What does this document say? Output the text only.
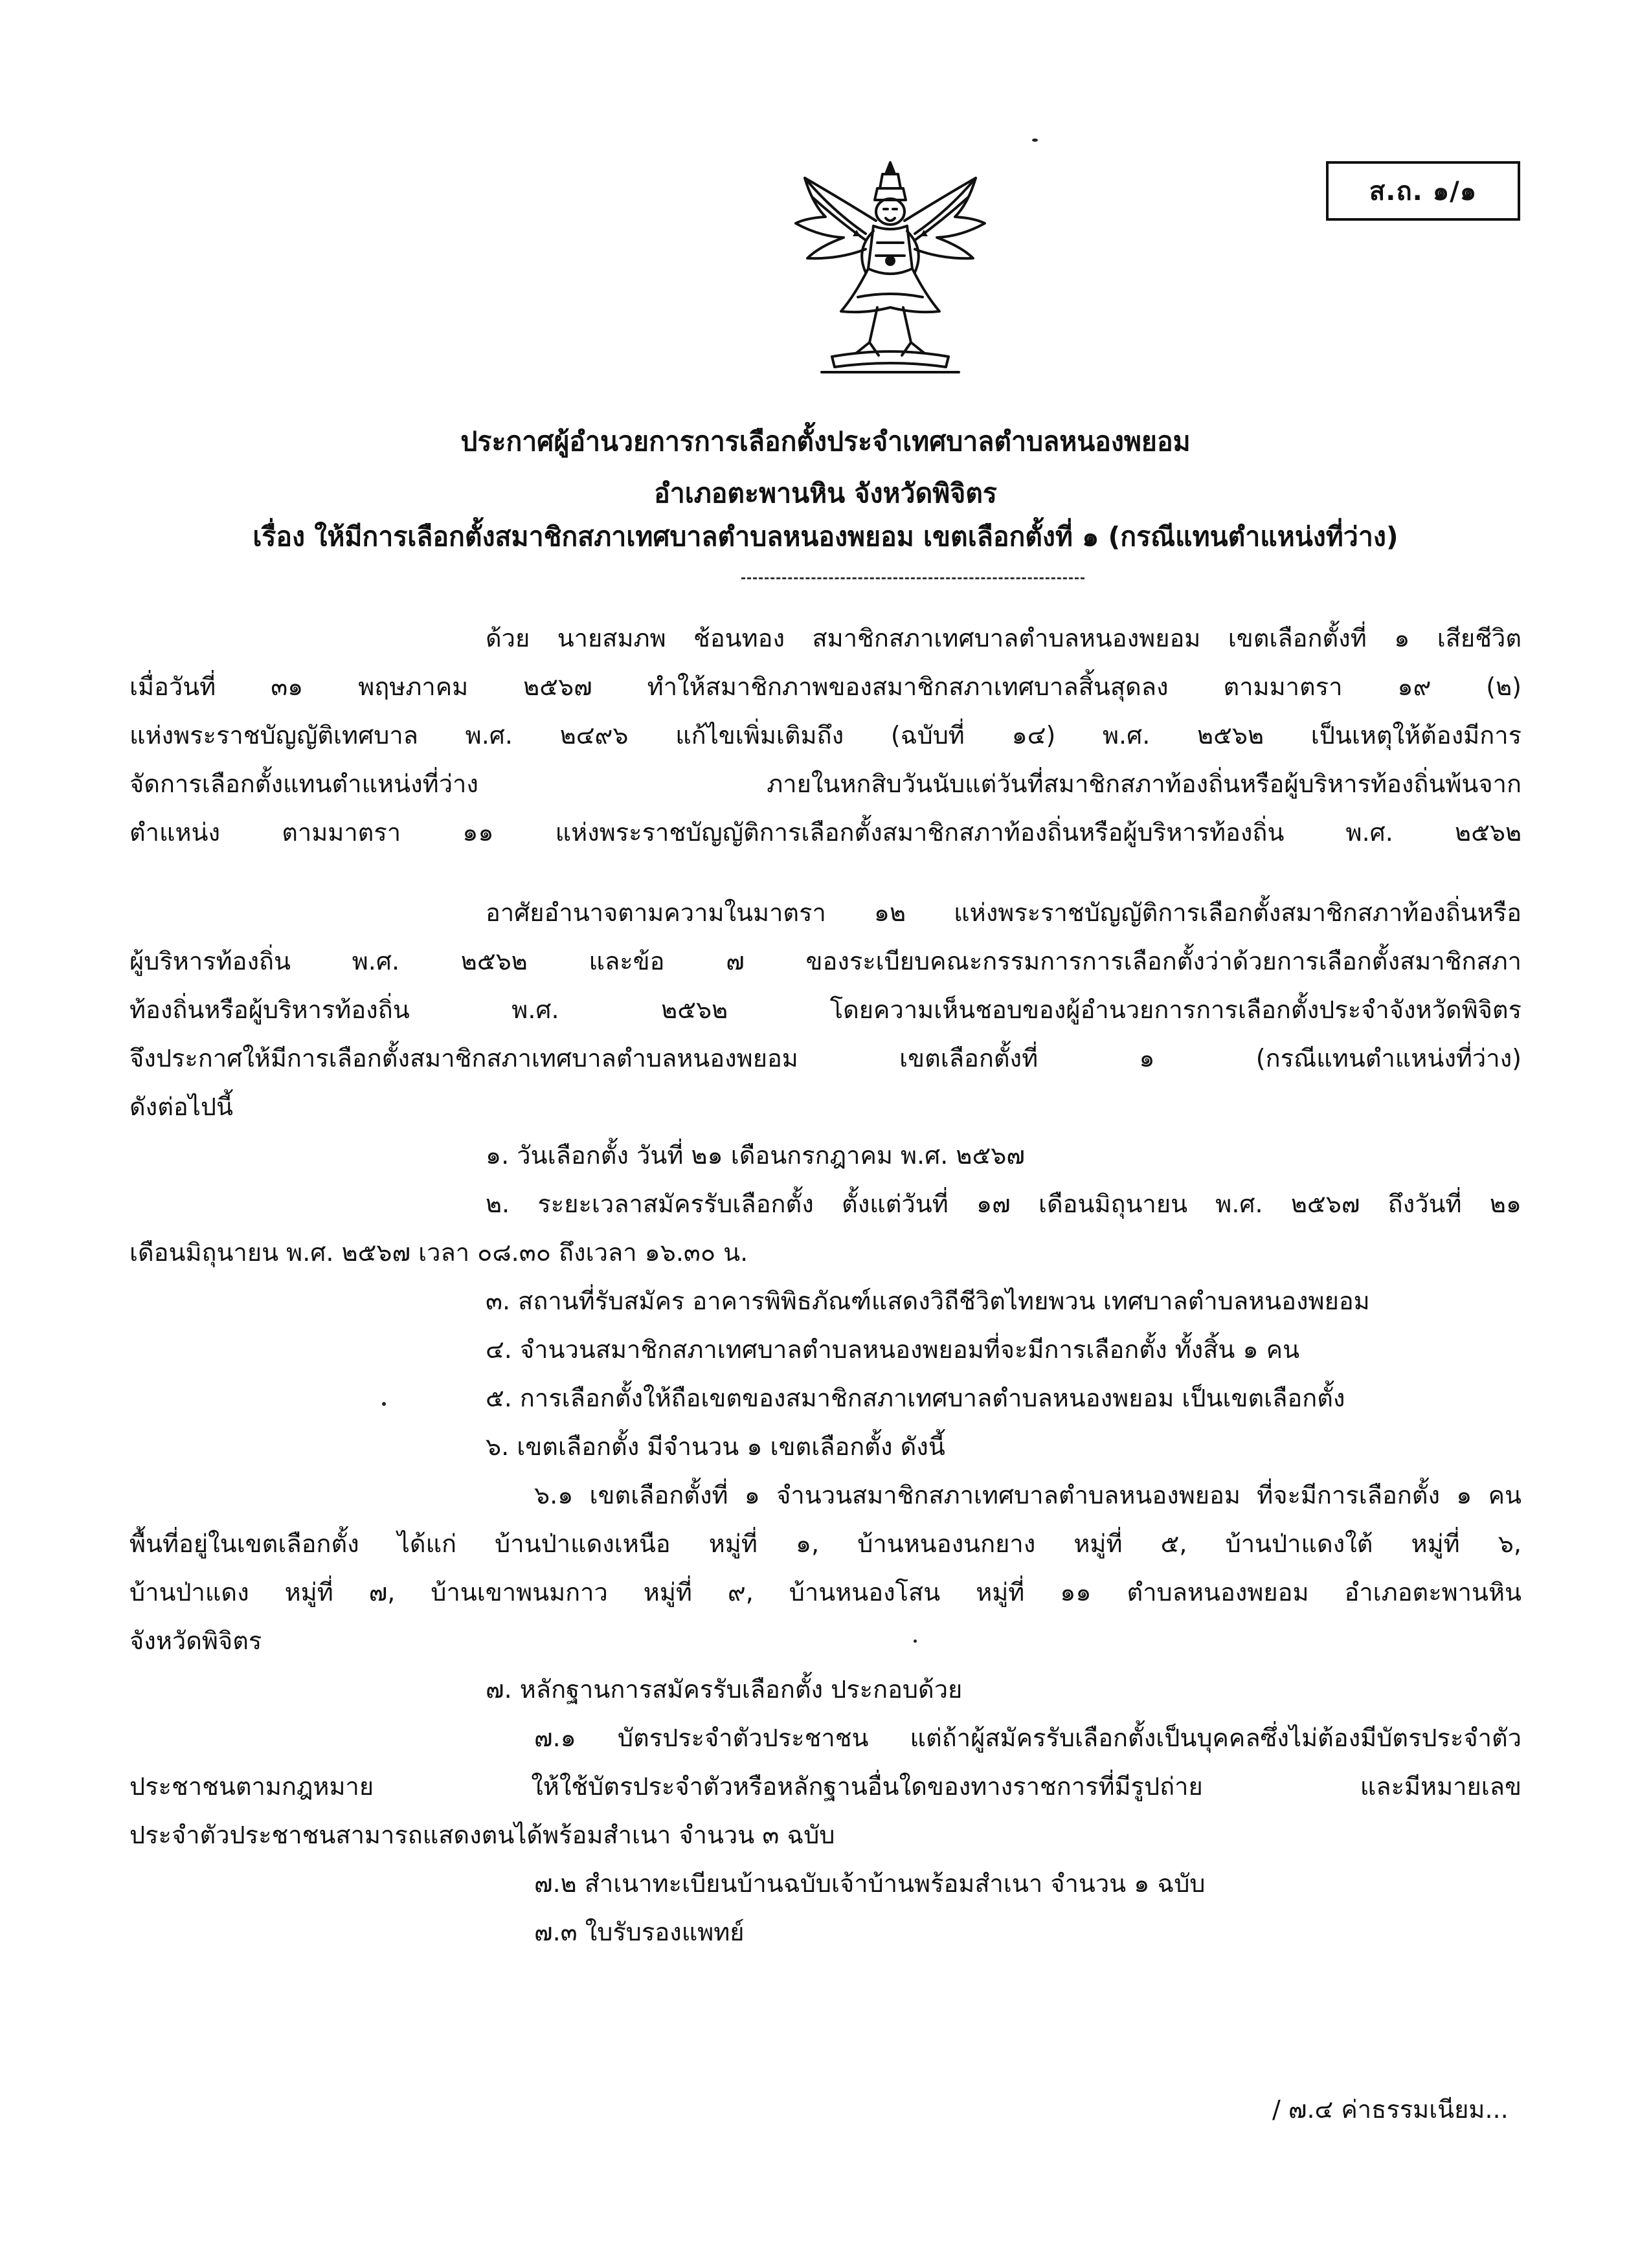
ส.ถ. ๑/๑
ประกาศผู้อำนวยการการเลือกตั้งประจำเทศบาลตำบลหนองพยอม
อำเภอตะพานหิน จังหวัดพิจิตร
เรื่อง ให้มีการเลือกตั้งสมาชิกสภาเทศบาลตำบลหนองพยอม เขตเลือกตั้งที่ ๑ (กรณีแทนตำแหน่งที่ว่าง)
ด้วย นายสมภพ ช้อนทอง สมาชิกสภาเทศบาลตำบลหนองพยอม เขตเลือกตั้งที่ ๑ เสียชีวิต
เมื่อวันที่ ๓๑ พฤษภาคม ๒๕๖๗ ทำให้สมาชิกภาพของสมาชิกสภาเทศบาลสิ้นสุดลง ตามมาตรา ๑๙ (๒)
แห่งพระราชบัญญัติเทศบาล พ.ศ. ๒๔๙๖ แก้ไขเพิ่มเติมถึง (ฉบับที่ ๑๔) พ.ศ. ๒๕๖๒ เป็นเหตุให้ต้องมีการ
จัดการเลือกตั้งแทนตำแหน่งที่ว่าง ภายในหกสิบวันนับแต่วันที่สมาชิกสภาท้องถิ่นหรือผู้บริหารท้องถิ่นพ้นจาก
ตำแหน่ง ตามมาตรา ๑๑ แห่งพระราชบัญญัติการเลือกตั้งสมาชิกสภาท้องถิ่นหรือผู้บริหารท้องถิ่น พ.ศ. ๒๕๖๒
อาศัยอำนาจตามความในมาตรา ๑๒ แห่งพระราชบัญญัติการเลือกตั้งสมาชิกสภาท้องถิ่นหรือ
ผู้บริหารท้องถิ่น พ.ศ. ๒๕๖๒ และข้อ ๗ ของระเบียบคณะกรรมการการเลือกตั้งว่าด้วยการเลือกตั้งสมาชิกสภา
ท้องถิ่นหรือผู้บริหารท้องถิ่น พ.ศ. ๒๕๖๒ โดยความเห็นชอบของผู้อำนวยการการเลือกตั้งประจำจังหวัดพิจิตร
จึงประกาศให้มีการเลือกตั้งสมาชิกสภาเทศบาลตำบลหนองพยอม เขตเลือกตั้งที่ ๑ (กรณีแทนตำแหน่งที่ว่าง)
ดังต่อไปนี้
๑. วันเลือกตั้ง วันที่ ๒๑ เดือนกรกฎาคม พ.ศ. ๒๕๖๗
๒. ระยะเวลาสมัครรับเลือกตั้ง ตั้งแต่วันที่ ๑๗ เดือนมิถุนายน พ.ศ. ๒๕๖๗ ถึงวันที่ ๒๑
เดือนมิถุนายน พ.ศ. ๒๕๖๗ เวลา ๐๘.๓๐ ถึงเวลา ๑๖.๓๐ น.
๓. สถานที่รับสมัคร อาคารพิพิธภัณฑ์แสดงวิถีชีวิตไทยพวน เทศบาลตำบลหนองพยอม
๔. จำนวนสมาชิกสภาเทศบาลตำบลหนองพยอมที่จะมีการเลือกตั้ง ทั้งสิ้น ๑ คน
๕. การเลือกตั้งให้ถือเขตของสมาชิกสภาเทศบาลตำบลหนองพยอม เป็นเขตเลือกตั้ง
๖. เขตเลือกตั้ง มีจำนวน ๑ เขตเลือกตั้ง ดังนี้
๖.๑ เขตเลือกตั้งที่ ๑ จำนวนสมาชิกสภาเทศบาลตำบลหนองพยอม ที่จะมีการเลือกตั้ง ๑ คน
พื้นที่อยู่ในเขตเลือกตั้ง ได้แก่ บ้านป่าแดงเหนือ หมู่ที่ ๑, บ้านหนองนกยาง หมู่ที่ ๕, บ้านป่าแดงใต้ หมู่ที่ ๖,
บ้านป่าแดง หมู่ที่ ๗, บ้านเขาพนมกาว หมู่ที่ ๙, บ้านหนองโสน หมู่ที่ ๑๑ ตำบลหนองพยอม อำเภอตะพานหิน
จังหวัดพิจิตร
๗. หลักฐานการสมัครรับเลือกตั้ง ประกอบด้วย
๗.๑ บัตรประจำตัวประชาชน แต่ถ้าผู้สมัครรับเลือกตั้งเป็นบุคคลซึ่งไม่ต้องมีบัตรประจำตัว
ประชาชนตามกฎหมาย ให้ใช้บัตรประจำตัวหรือหลักฐานอื่นใดของทางราชการที่มีรูปถ่าย และมีหมายเลข
ประจำตัวประชาชนสามารถแสดงตนได้พร้อมสำเนา จำนวน ๓ ฉบับ
๗.๒ สำเนาทะเบียนบ้านฉบับเจ้าบ้านพร้อมสำเนา จำนวน ๑ ฉบับ
๗.๓ ใบรับรองแพทย์
/ ๗.๔ ค่าธรรมเนียม...
